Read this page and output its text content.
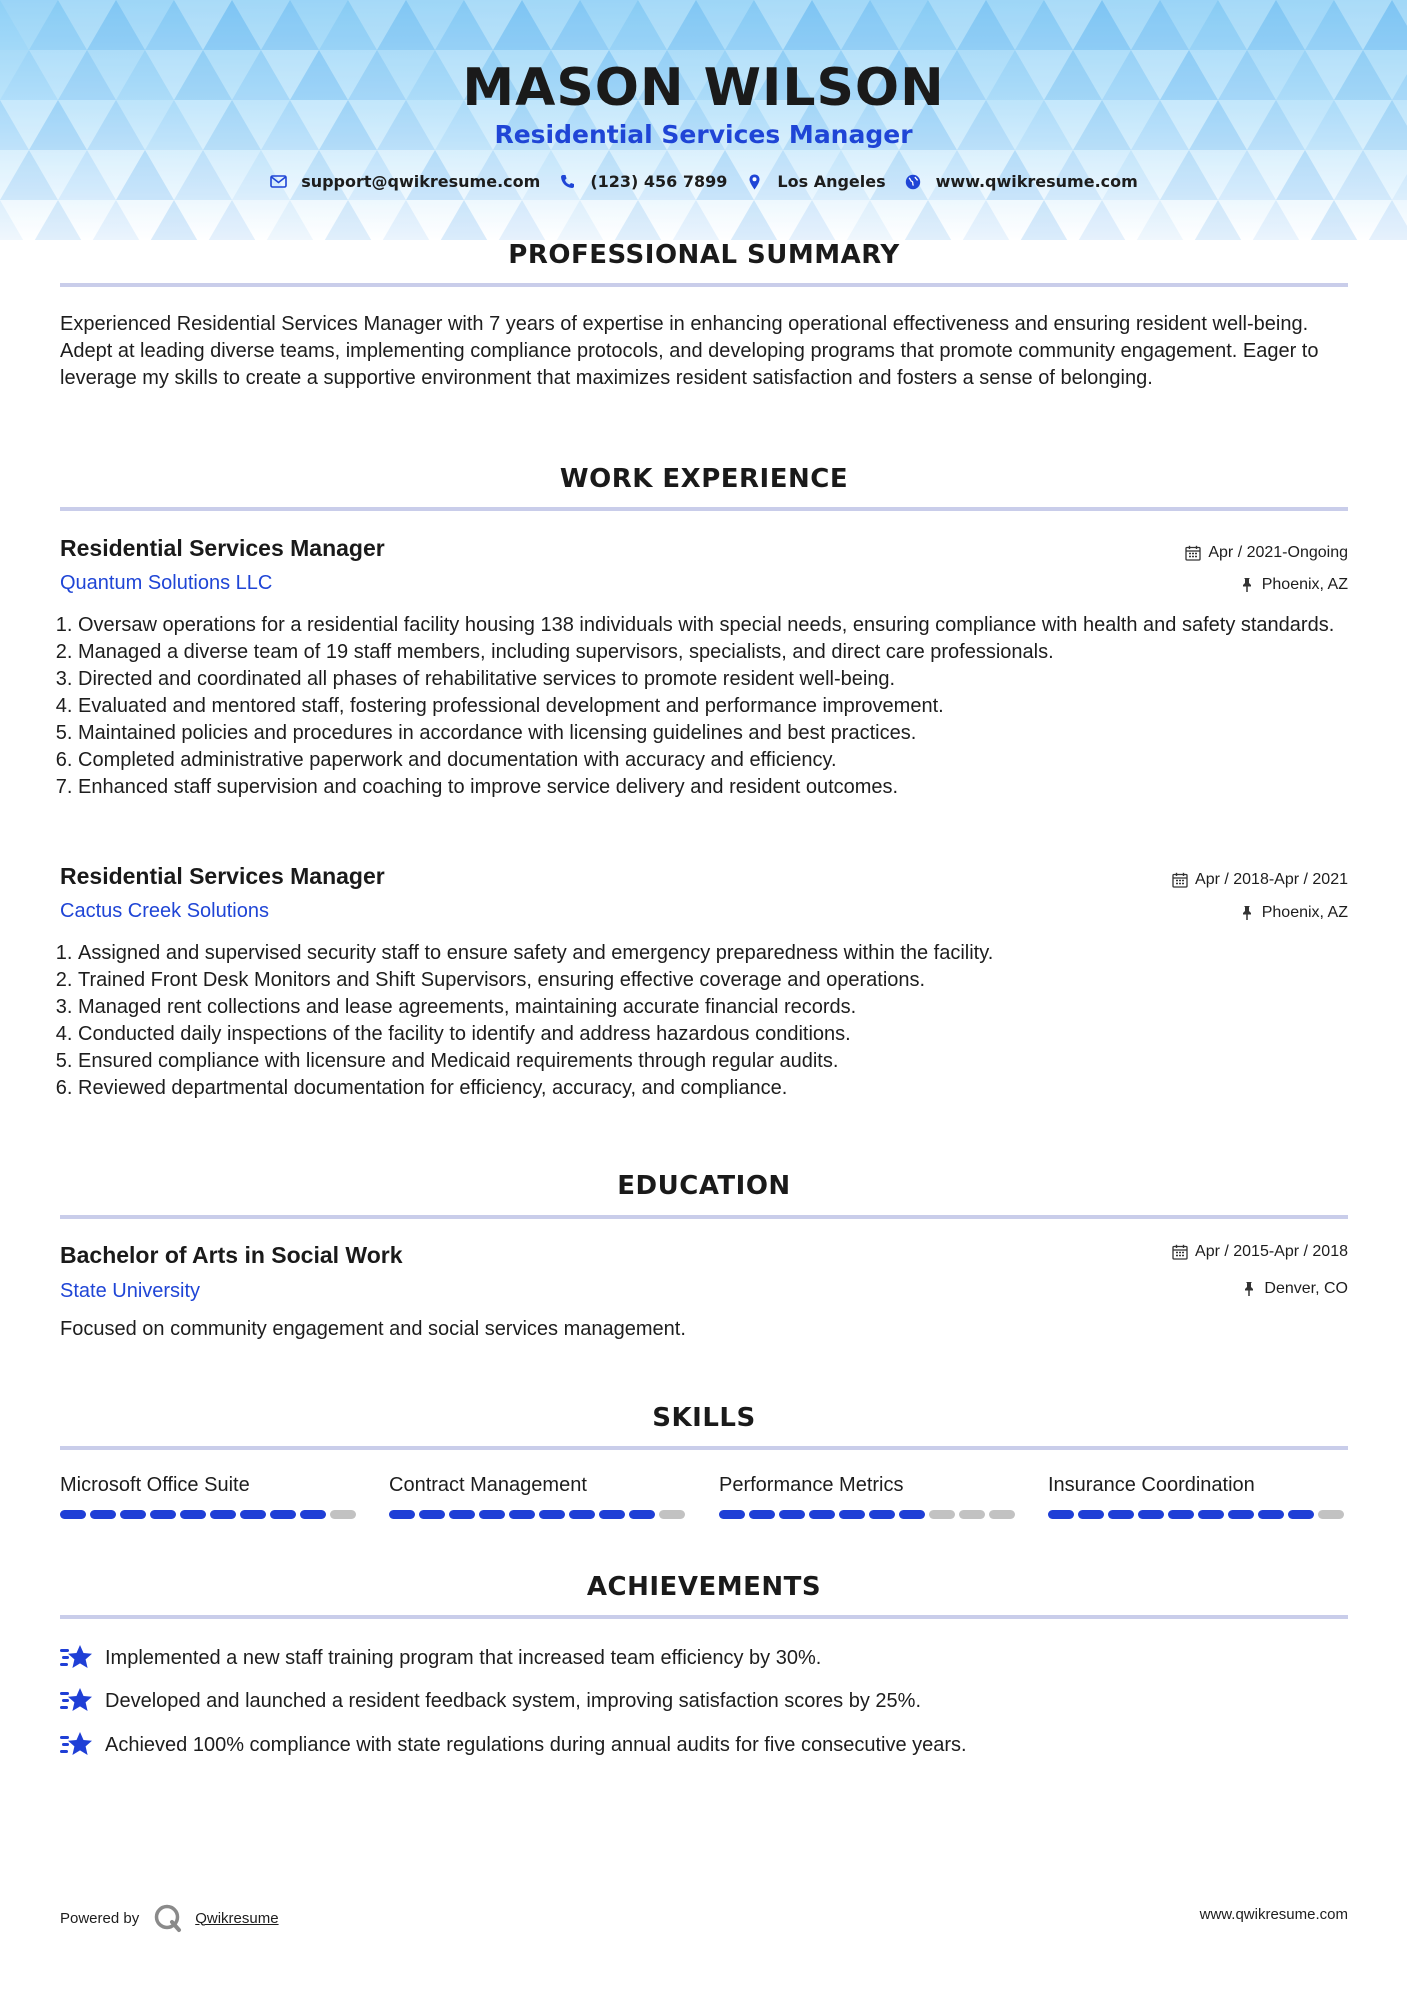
MASON WILSON
Residential Services Manager
support@qwikresume.com	(123) 456 7899	Los Angeles	www.qwikresume.com
PROFESSIONAL SUMMARY
Experienced Residential Services Manager with 7 years of expertise in enhancing operational effectiveness and ensuring resident well-being. Adept at leading diverse teams, implementing compliance protocols, and developing programs that promote community engagement. Eager to leverage my skills to create a supportive environment that maximizes resident satisfaction and fosters a sense of belonging.
WORK EXPERIENCE
Residential Services Manager	Apr / 2021-Ongoing
Quantum Solutions LLC	Phoenix, AZ
1. Oversaw operations for a residential facility housing 138 individuals with special needs, ensuring compliance with health and safety standards.
2. Managed a diverse team of 19 staff members, including supervisors, specialists, and direct care professionals.
3. Directed and coordinated all phases of rehabilitative services to promote resident well-being.
4. Evaluated and mentored staff, fostering professional development and performance improvement.
5. Maintained policies and procedures in accordance with licensing guidelines and best practices.
6. Completed administrative paperwork and documentation with accuracy and efficiency.
7. Enhanced staff supervision and coaching to improve service delivery and resident outcomes.
Residential Services Manager	Apr / 2018-Apr / 2021
Cactus Creek Solutions	Phoenix, AZ
1. Assigned and supervised security staff to ensure safety and emergency preparedness within the facility.
2. Trained Front Desk Monitors and Shift Supervisors, ensuring effective coverage and operations.
3. Managed rent collections and lease agreements, maintaining accurate financial records.
4. Conducted daily inspections of the facility to identify and address hazardous conditions.
5. Ensured compliance with licensure and Medicaid requirements through regular audits.
6. Reviewed departmental documentation for efficiency, accuracy, and compliance.
EDUCATION
Bachelor of Arts in Social Work	Apr / 2015-Apr / 2018
State University	Denver, CO
Focused on community engagement and social services management.
SKILLS
Microsoft Office Suite	Contract Management	Performance Metrics	Insurance Coordination
ACHIEVEMENTS
Implemented a new staff training program that increased team efficiency by 30%.
Developed and launched a resident feedback system, improving satisfaction scores by 25%.
Achieved 100% compliance with state regulations during annual audits for five consecutive years.
Powered by	Qwikresume	www.qwikresume.com
